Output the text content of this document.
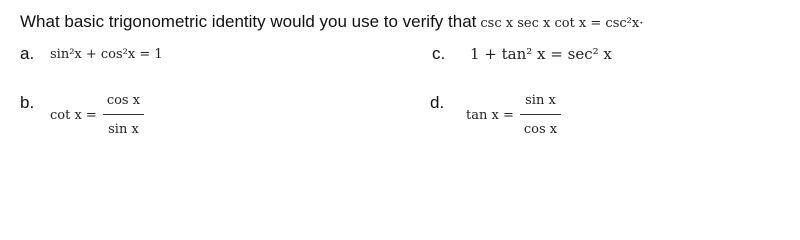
What basic trigonometric identity would you use to verify that csc x sec x cot x = csc²x·
a. sin²x + cos²x = 1	c. 1 + tan² x = sec² x
b.
$\cot x = \frac{\text{cos x}}{\text{sin x}}$	d.
$\tan x = \frac{\text{sin x}}{\text{cos x}}$
